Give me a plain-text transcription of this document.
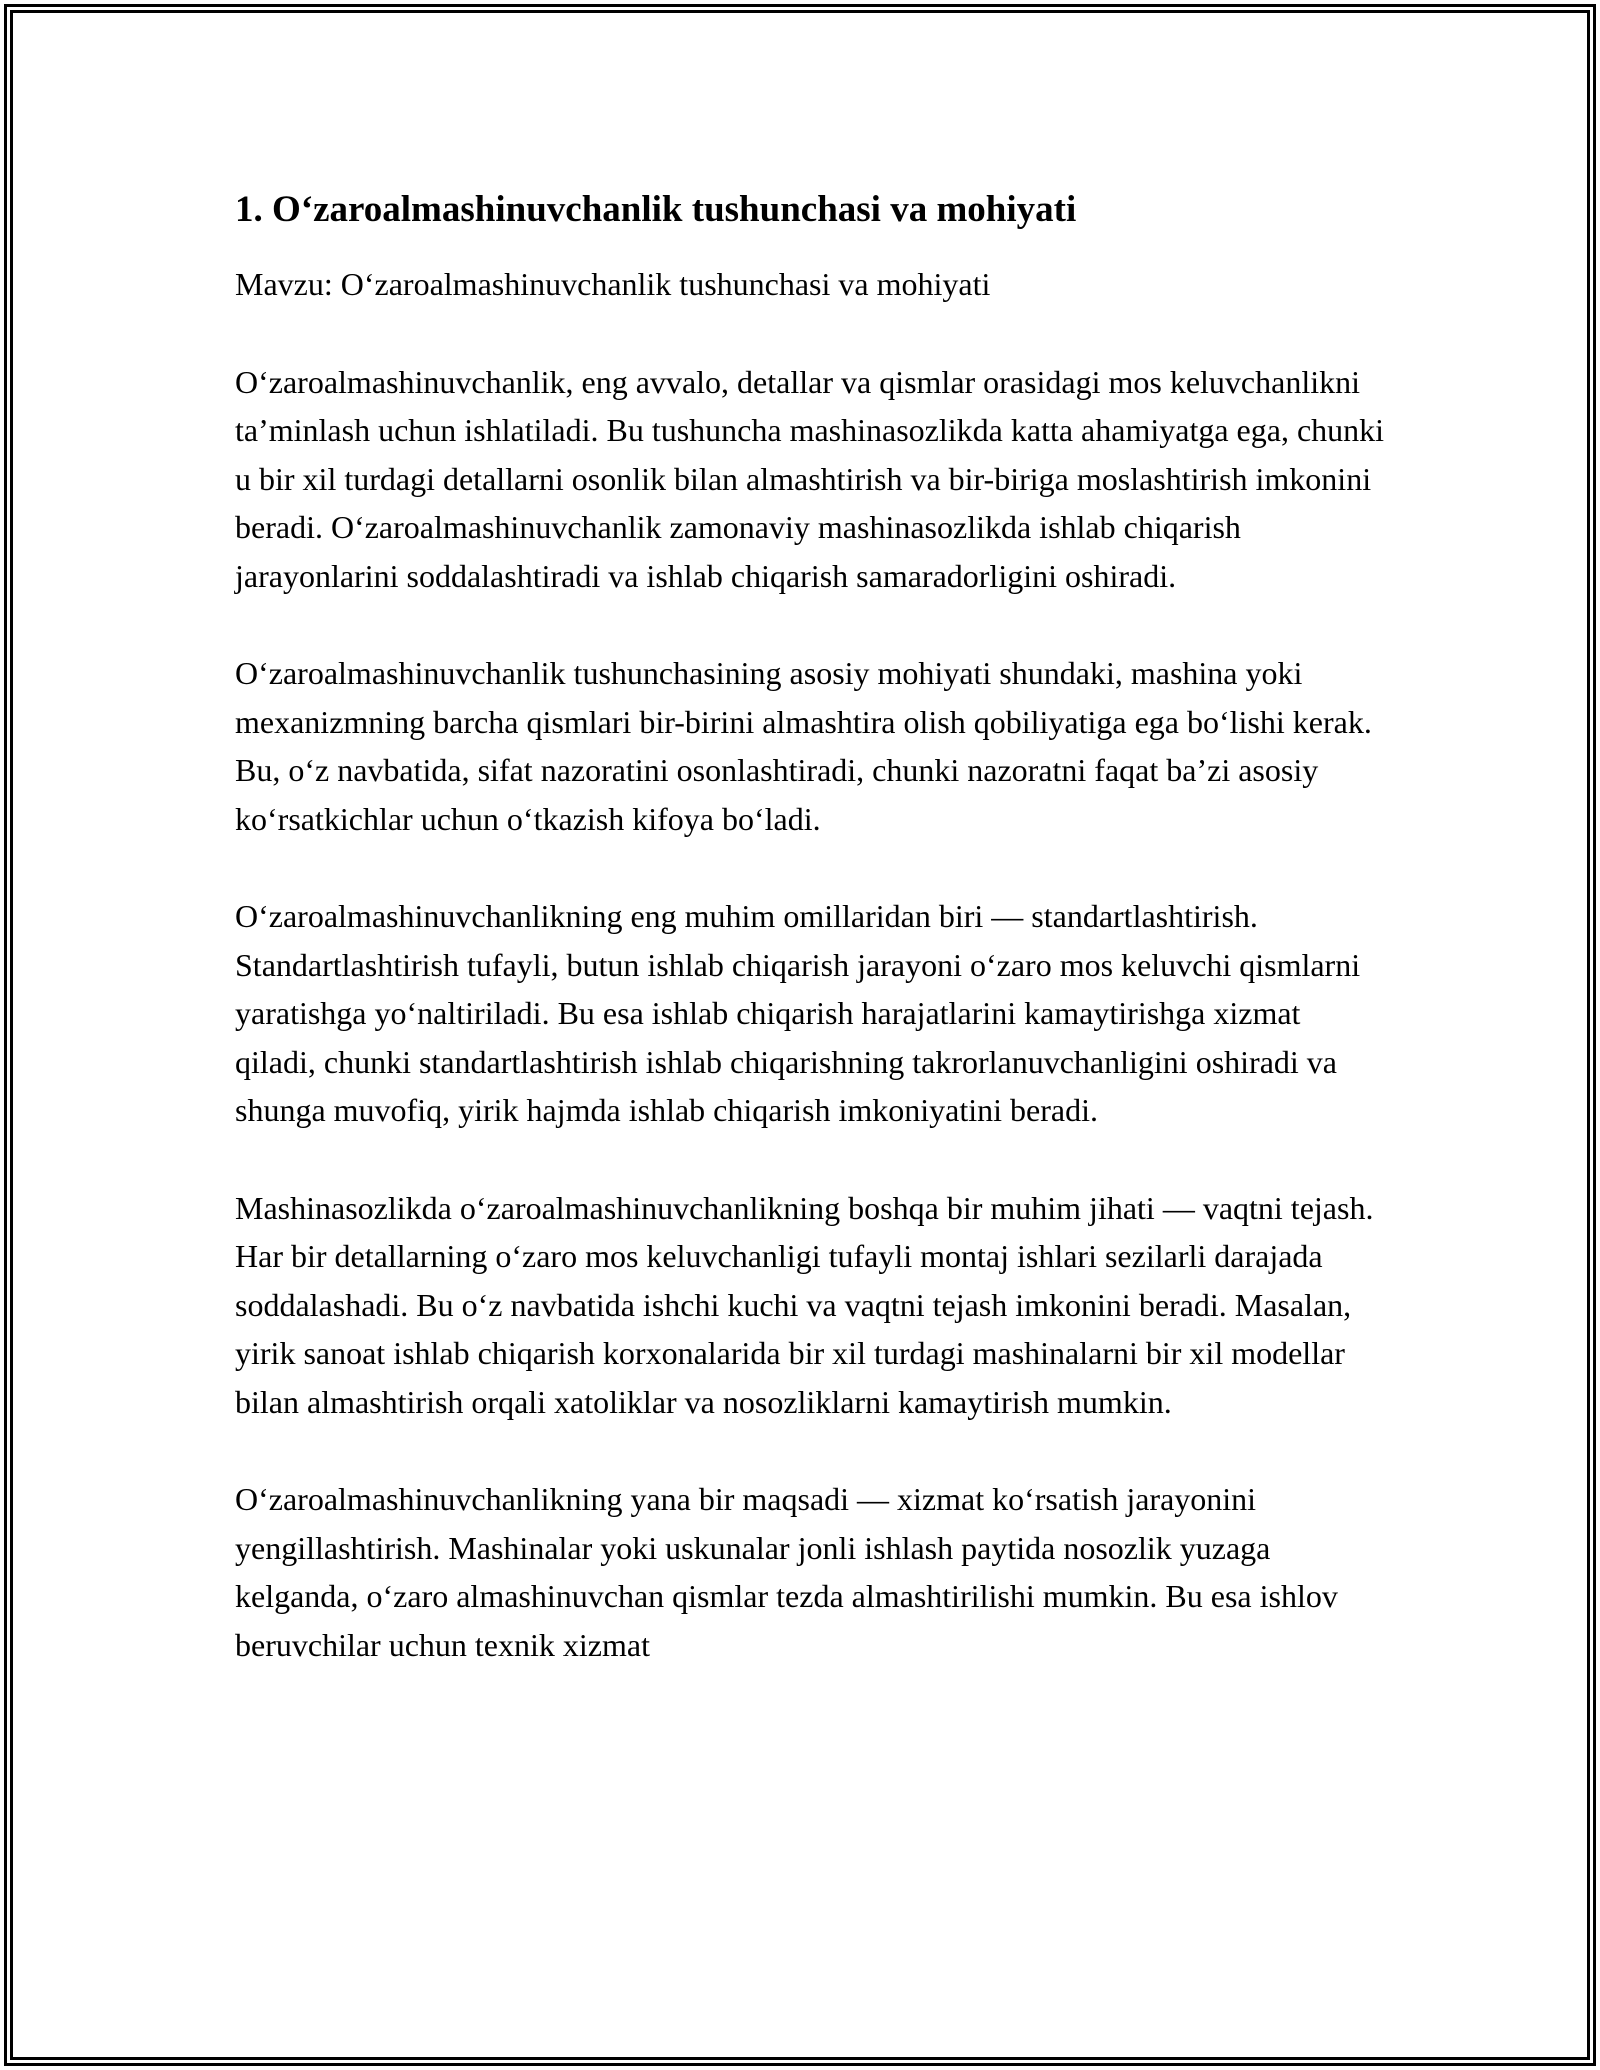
1. O‘zaroalmashinuvchanlik tushunchasi va mohiyati

Mavzu: O‘zaroalmashinuvchanlik tushunchasi va mohiyati

O‘zaroalmashinuvchanlik, eng avvalo, detallar va qismlar orasidagi mos keluvchanlikni ta’minlash uchun ishlatiladi. Bu tushuncha mashinasozlikda katta ahamiyatga ega, chunki u bir xil turdagi detallarni osonlik bilan almashtirish va bir-biriga moslashtirish imkonini beradi. O‘zaroalmashinuvchanlik zamonaviy mashinasozlikda ishlab chiqarish jarayonlarini soddalashtiradi va ishlab chiqarish samaradorligini oshiradi.

O‘zaroalmashinuvchanlik tushunchasining asosiy mohiyati shundaki, mashina yoki mexanizmning barcha qismlari bir-birini almashtira olish qobiliyatiga ega bo‘lishi kerak. Bu, o‘z navbatida, sifat nazoratini osonlashtiradi, chunki nazoratni faqat ba’zi asosiy ko‘rsatkichlar uchun o‘tkazish kifoya bo‘ladi.

O‘zaroalmashinuvchanlikning eng muhim omillaridan biri — standartlashtirish. Standartlashtirish tufayli, butun ishlab chiqarish jarayoni o‘zaro mos keluvchi qismlarni yaratishga yo‘naltiriladi. Bu esa ishlab chiqarish harajatlarini kamaytirishga xizmat qiladi, chunki standartlashtirish ishlab chiqarishning takrorlanuvchanligini oshiradi va shunga muvofiq, yirik hajmda ishlab chiqarish imkoniyatini beradi.

Mashinasozlikda o‘zaroalmashinuvchanlikning boshqa bir muhim jihati — vaqtni tejash. Har bir detallarning o‘zaro mos keluvchanligi tufayli montaj ishlari sezilarli darajada soddalashadi. Bu o‘z navbatida ishchi kuchi va vaqtni tejash imkonini beradi. Masalan, yirik sanoat ishlab chiqarish korxonalarida bir xil turdagi mashinalarni bir xil modellar bilan almashtirish orqali xatoliklar va nosozliklarni kamaytirish mumkin.

O‘zaroalmashinuvchanlikning yana bir maqsadi — xizmat ko‘rsatish jarayonini yengillashtirish. Mashinalar yoki uskunalar jonli ishlash paytida nosozlik yuzaga kelganda, o‘zaro almashinuvchan qismlar tezda almashtirilishi mumkin. Bu esa ishlov beruvchilar uchun texnik xizmat
